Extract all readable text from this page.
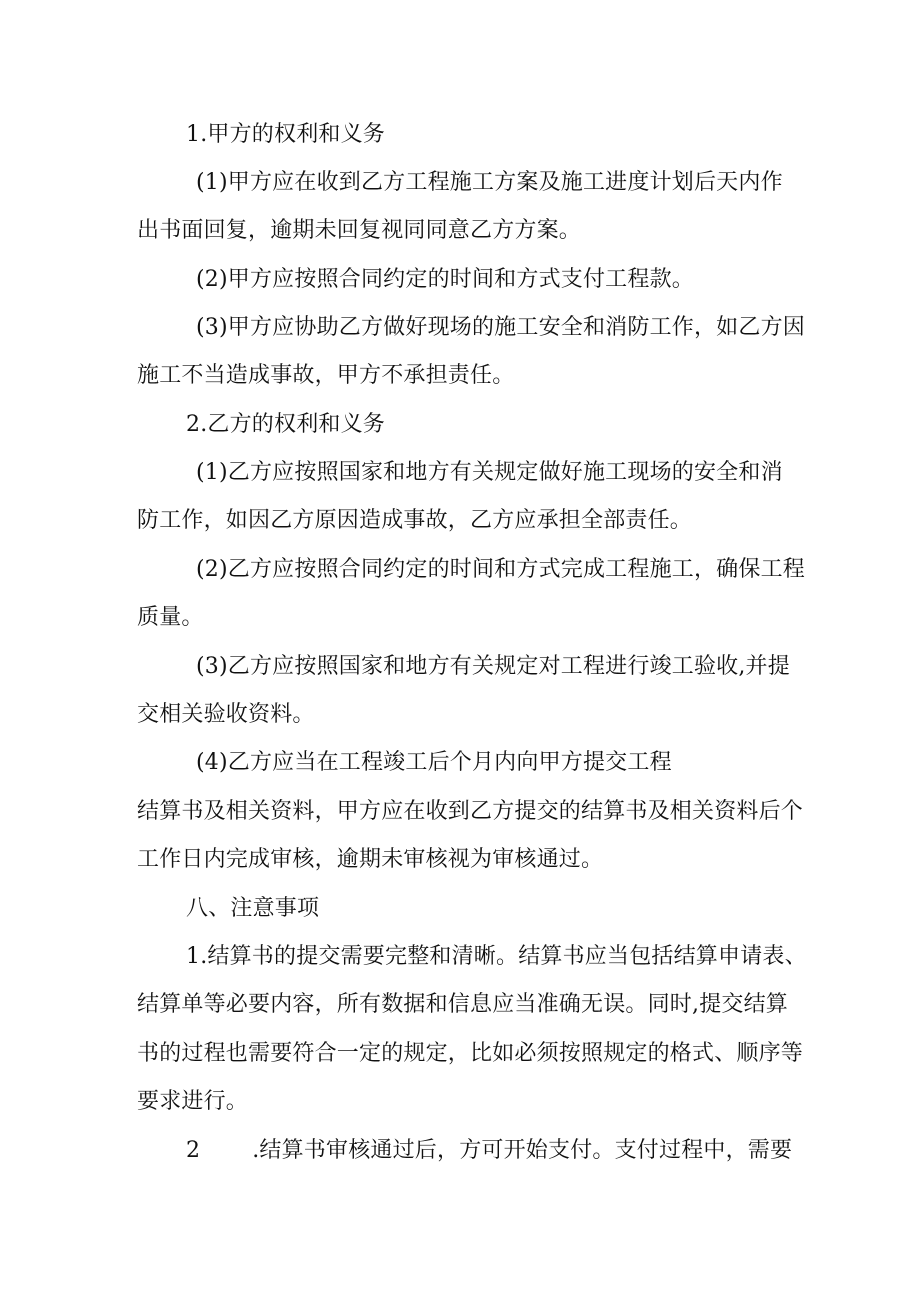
1.甲方的权利和义务
(1)甲方应在收到乙方工程施工方案及施工进度计划后天内作
出书面回复，逾期未回复视同同意乙方方案。
(2)甲方应按照合同约定的时间和方式支付工程款。
(3)甲方应协助乙方做好现场的施工安全和消防工作，如乙方因
施工不当造成事故，甲方不承担责任。
2.乙方的权利和义务
(1)乙方应按照国家和地方有关规定做好施工现场的安全和消
防工作，如因乙方原因造成事故，乙方应承担全部责任。
(2)乙方应按照合同约定的时间和方式完成工程施工，确保工程
质量。
(3)乙方应按照国家和地方有关规定对工程进行竣工验收,并提
交相关验收资料。
(4)乙方应当在工程竣工后个月内向甲方提交工程
结算书及相关资料，甲方应在收到乙方提交的结算书及相关资料后个
工作日内完成审核，逾期未审核视为审核通过。
八、注意事项
1.结算书的提交需要完整和清晰。结算书应当包括结算申请表、
结算单等必要内容，所有数据和信息应当准确无误。同时,提交结算
书的过程也需要符合一定的规定，比如必须按照规定的格式、顺序等
要求进行。
2 .结算书审核通过后，方可开始支付。支付过程中，需要
